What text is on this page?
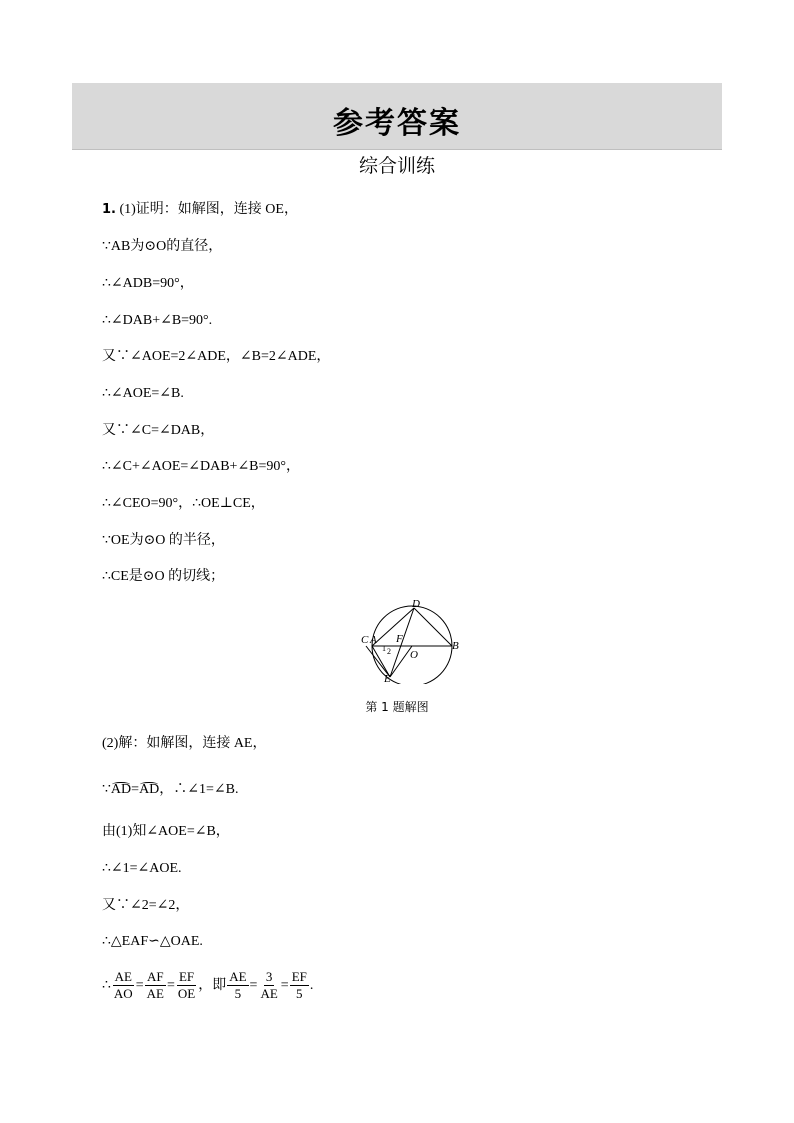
参考答案
综合训练
1. (1)证明：如解图，连接 OE，
∵AB为⊙O的直径，
∴∠ADB=90°，
∴∠DAB+∠B=90°.
又∵∠AOE=2∠ADE，∠B=2∠ADE，
∴∠AOE=∠B.
又∵∠C=∠DAB，
∴∠C+∠AOE=∠DAB+∠B=90°，
∴∠CEO=90°，∴OE⊥CE，
∵OE为⊙O 的半径，
∴CE是⊙O 的切线；
D
C A F
B
1 2 O
E
第 1 题解图
(2)解：如解图，连接 AE，
∵AD=AD，∴∠1=∠B.
由(1)知∠AOE=∠B，
∴∠1=∠AOE.
又∵∠2=∠2，
∴△EAF∽△OAE.
∴ $\frac{AE}{AO} = \frac{AF}{AE} = \frac{EF}{OE}$ ，即 $\frac{AE}{5} = \frac{3}{AE} = \frac{EF}{5}$ .
